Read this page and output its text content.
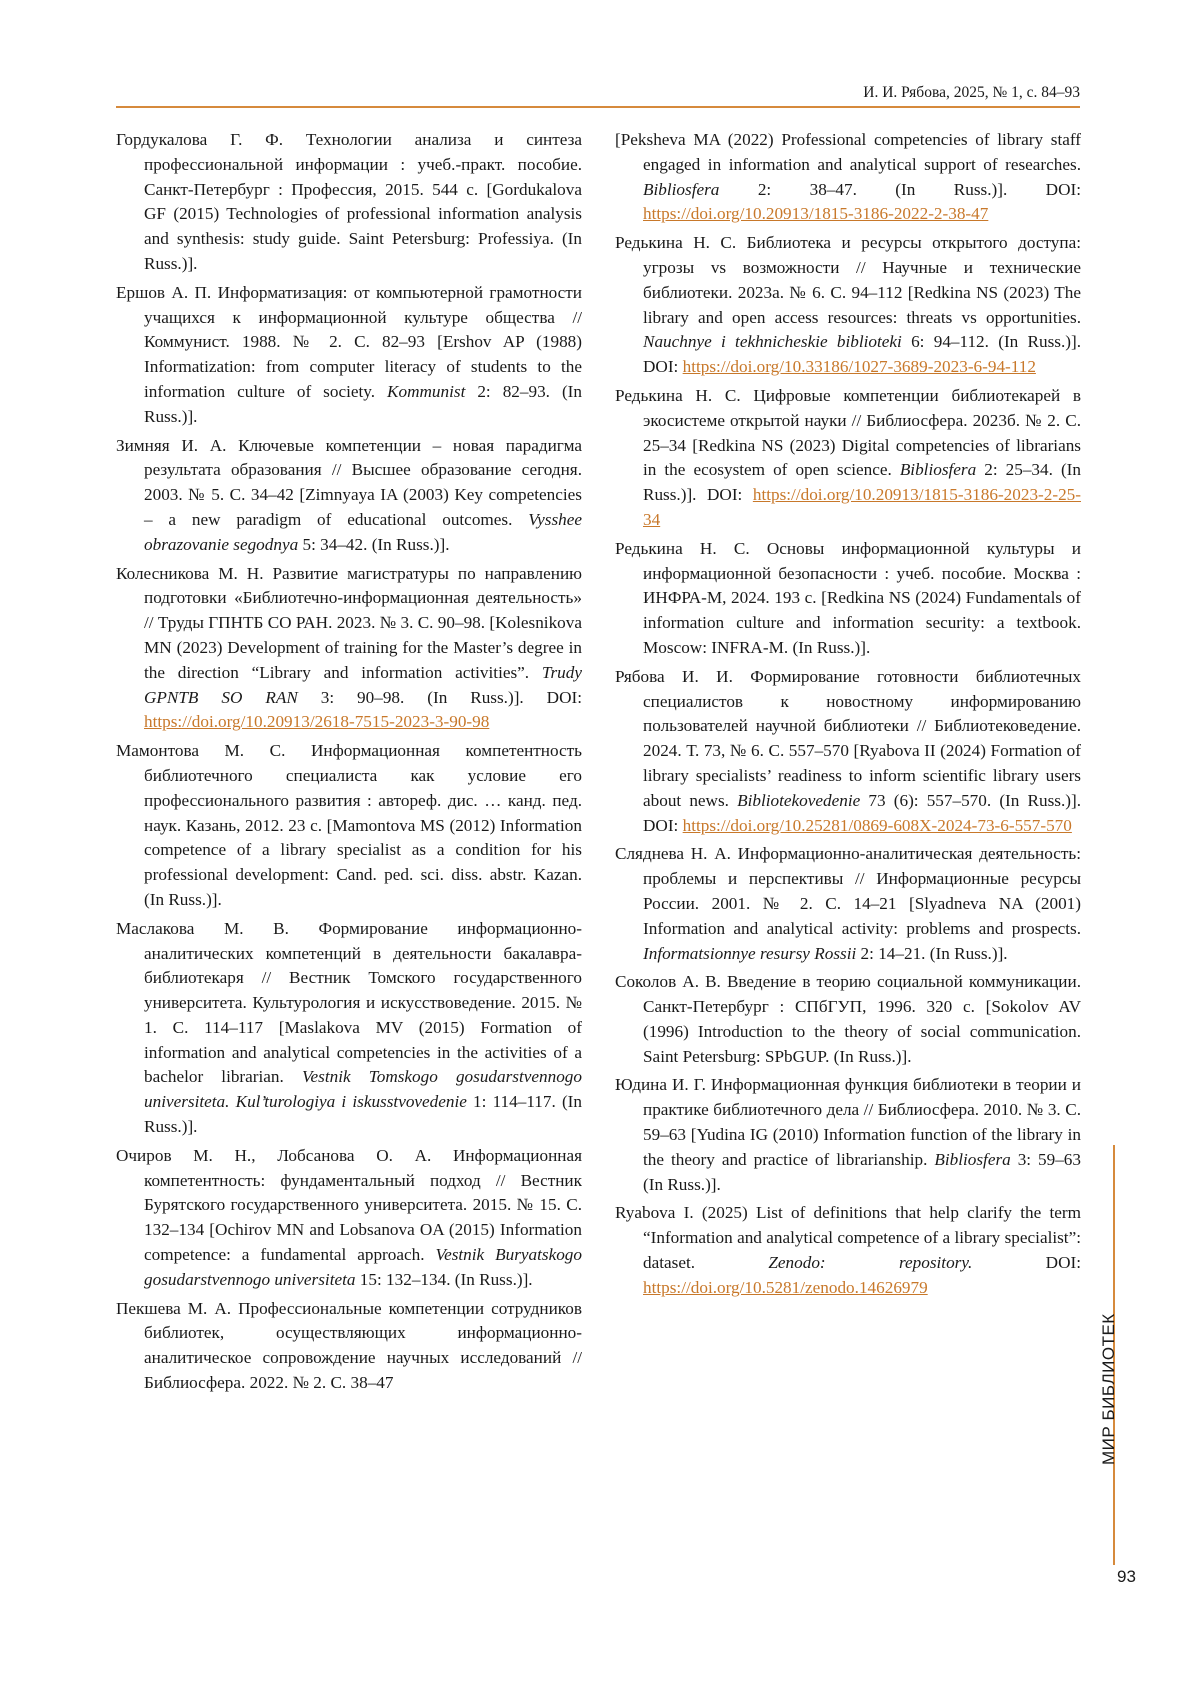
И. И. Рябова, 2025, № 1, с. 84–93

Гордукалова Г. Ф. Технологии анализа и синтеза профессиональной информации : учеб.-практ. пособие. Санкт-Петербург : Профессия, 2015. 544 с. [Gordukalova GF (2015) Technologies of professional information analysis and synthesis: study guide. Saint Petersburg: Professiya. (In Russ.)].

Ершов А. П. Информатизация: от компьютерной грамотности учащихся к информационной культуре общества // Коммунист. 1988. № 2. С. 82–93 [Ershov AP (1988) Informatization: from computer literacy of students to the information culture of society. Kommunist 2: 82–93. (In Russ.)].

Зимняя И. А. Ключевые компетенции – новая парадигма результата образования // Высшее образование сегодня. 2003. № 5. С. 34–42 [Zimnyaya IA (2003) Key competencies – a new paradigm of educational outcomes. Vysshee obrazovanie segodnya 5: 34–42. (In Russ.)].

Колесникова М. Н. Развитие магистратуры по направлению подготовки «Библиотечно-информационная деятельность» // Труды ГПНТБ СО РАН. 2023. № 3. С. 90–98. [Kolesnikova MN (2023) Development of training for the Master’s degree in the direction “Library and information activities”. Trudy GPNTB SO RAN 3: 90–98. (In Russ.)]. DOI: https://doi.org/10.20913/2618-7515-2023-3-90-98

Мамонтова М. С. Информационная компетентность библиотечного специалиста как условие его профессионального развития : автореф. дис. … канд. пед. наук. Казань, 2012. 23 с. [Mamontova MS (2012) Information competence of a library specialist as a condition for his professional development: Cand. ped. sci. diss. abstr. Kazan. (In Russ.)].

Маслакова М. В. Формирование информационно-аналитических компетенций в деятельности бакалавра-библиотекаря // Вестник Томского государственного университета. Культурология и искусствоведение. 2015. № 1. С. 114–117 [Maslakova MV (2015) Formation of information and analytical competencies in the activities of a bachelor librarian. Vestnik Tomskogo gosudarstvennogo universiteta. Kul’turologiya i iskusstvovedenie 1: 114–117. (In Russ.)].

Очиров М. Н., Лобсанова О. А. Информационная компетентность: фундаментальный подход // Вестник Бурятского государственного университета. 2015. № 15. С. 132–134 [Ochirov MN and Lobsanova OA (2015) Information competence: a fundamental approach. Vestnik Buryatskogo gosudarstvennogo universiteta 15: 132–134. (In Russ.)].

Пекшева М. А. Профессиональные компетенции сотрудников библиотек, осуществляющих информационно-аналитическое сопровождение научных исследований // Библиосфера. 2022. № 2. С. 38–47

[Peksheva MA (2022) Professional competencies of library staff engaged in information and analytical support of researches. Bibliosfera 2: 38–47. (In Russ.)]. DOI: https://doi.org/10.20913/1815-3186-2022-2-38-47

Редькина Н. С. Библиотека и ресурсы открытого доступа: угрозы vs возможности // Научные и технические библиотеки. 2023а. № 6. С. 94–112 [Redkina NS (2023) The library and open access resources: threats vs opportunities. Nauchnye i tekhnicheskie biblioteki 6: 94–112. (In Russ.)]. DOI: https://doi.org/10.33186/1027-3689-2023-6-94-112

Редькина Н. С. Цифровые компетенции библиотекарей в экосистеме открытой науки // Библиосфера. 2023б. № 2. С. 25–34 [Redkina NS (2023) Digital competencies of librarians in the ecosystem of open science. Bibliosfera 2: 25–34. (In Russ.)]. DOI: https://doi.org/10.20913/1815-3186-2023-2-25-34

Редькина Н. С. Основы информационной культуры и информационной безопасности : учеб. пособие. Москва : ИНФРА-М, 2024. 193 с. [Redkina NS (2024) Fundamentals of information culture and information security: a textbook. Moscow: INFRA-M. (In Russ.)].

Рябова И. И. Формирование готовности библиотечных специалистов к новостному информированию пользователей научной библиотеки // Библиотековедение. 2024. Т. 73, № 6. С. 557–570 [Ryabova II (2024) Formation of library specialists’ readiness to inform scientific library users about news. Bibliotekovedenie 73 (6): 557–570. (In Russ.)]. DOI: https://doi.org/10.25281/0869-608X-2024-73-6-557-570

Сляднева Н. А. Информационно-аналитическая деятельность: проблемы и перспективы // Информационные ресурсы России. 2001. № 2. С. 14–21 [Slyadneva NA (2001) Information and analytical activity: problems and prospects. Informatsionnye resursy Rossii 2: 14–21. (In Russ.)].

Соколов А. В. Введение в теорию социальной коммуникации. Санкт-Петербург : СПбГУП, 1996. 320 с. [Sokolov AV (1996) Introduction to the theory of social communication. Saint Petersburg: SPbGUP. (In Russ.)].

Юдина И. Г. Информационная функция библиотеки в теории и практике библиотечного дела // Библиосфера. 2010. № 3. С. 59–63 [Yudina IG (2010) Information function of the library in the theory and practice of librarianship. Bibliosfera 3: 59–63 (In Russ.)].

Ryabova I. (2025) List of definitions that help clarify the term “Information and analytical competence of a library specialist”: dataset. Zenodo: repository. DOI: https://doi.org/10.5281/zenodo.14626979

МИР БИБЛИОТЕК
93
